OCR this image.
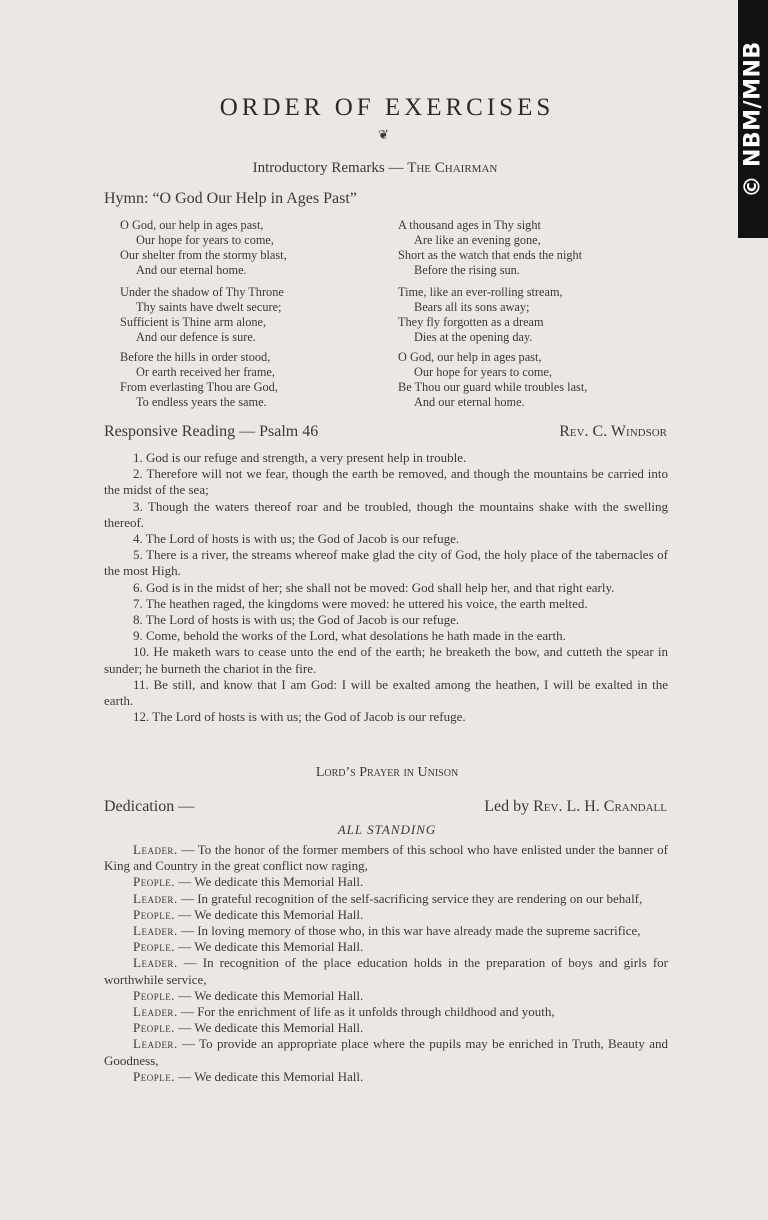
© NBM/MNB
ORDER OF EXERCISES
❦
Introductory Remarks — The Chairman
Hymn: “O God Our Help in Ages Past”
O God, our help in ages past,
Our hope for years to come,
Our shelter from the stormy blast,
And our eternal home.
Under the shadow of Thy Throne
Thy saints have dwelt secure;
Sufficient is Thine arm alone,
And our defence is sure.
Before the hills in order stood,
Or earth received her frame,
From everlasting Thou are God,
To endless years the same.
A thousand ages in Thy sight
Are like an evening gone,
Short as the watch that ends the night
Before the rising sun.
Time, like an ever-rolling stream,
Bears all its sons away;
They fly forgotten as a dream
Dies at the opening day.
O God, our help in ages past,
Our hope for years to come,
Be Thou our guard while troubles last,
And our eternal home.
Responsive Reading — Psalm 46	Rev. C. Windsor

1. God is our refuge and strength, a very present help in trouble.

2. Therefore will not we fear, though the earth be removed, and though the mountains be carried into the midst of the sea;

3. Though the waters thereof roar and be troubled, though the mountains shake with the swelling thereof.

4. The Lord of hosts is with us; the God of Jacob is our refuge.

5. There is a river, the streams whereof make glad the city of God, the holy place of the tabernacles of the most High.

6. God is in the midst of her; she shall not be moved: God shall help her, and that right early.

7. The heathen raged, the kingdoms were moved: he uttered his voice, the earth melted.

8. The Lord of hosts is with us; the God of Jacob is our refuge.

9. Come, behold the works of the Lord, what desolations he hath made in the earth.

10. He maketh wars to cease unto the end of the earth; he breaketh the bow, and cutteth the spear in sunder; he burneth the chariot in the fire.

11. Be still, and know that I am God: I will be exalted among the heathen, I will be exalted in the earth.

12. The Lord of hosts is with us; the God of Jacob is our refuge.

Lord’s Prayer in Unison
Dedication —	Led by Rev. L. H. Crandall
ALL STANDING

Leader. — To the honor of the former members of this school who have enlisted under the banner of King and Country in the great conflict now raging,

People. — We dedicate this Memorial Hall.

Leader. — In grateful recognition of the self-sacrificing service they are rendering on our behalf,

People. — We dedicate this Memorial Hall.

Leader. — In loving memory of those who, in this war have already made the supreme sacrifice,

People. — We dedicate this Memorial Hall.

Leader. — In recognition of the place education holds in the preparation of boys and girls for worthwhile service,

People. — We dedicate this Memorial Hall.

Leader. — For the enrichment of life as it unfolds through childhood and youth,

People. — We dedicate this Memorial Hall.

Leader. — To provide an appropriate place where the pupils may be enriched in Truth, Beauty and Goodness,

People. — We dedicate this Memorial Hall.
